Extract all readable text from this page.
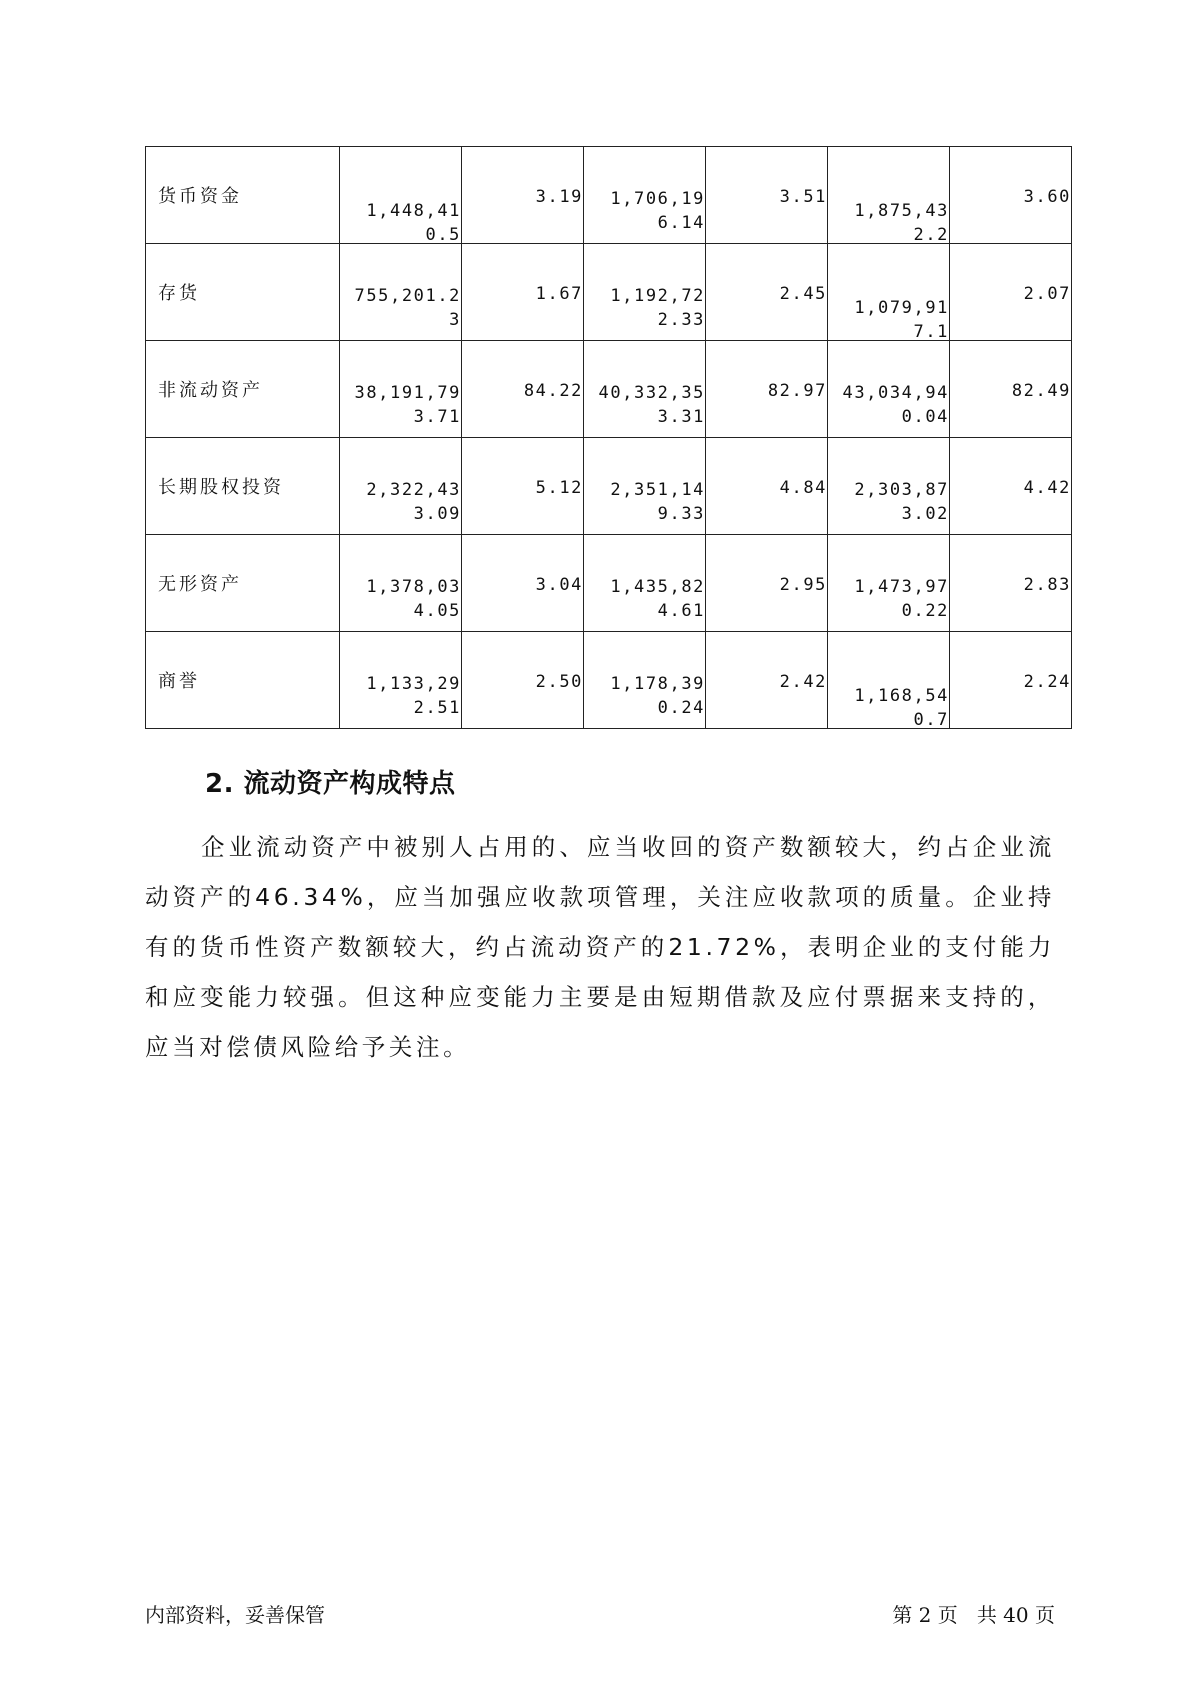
货币资金	1,448,410.5	3.19	1,706,196.14	3.51	1,875,432.2	3.60

存货	755,201.23	1.67	1,192,722.33	2.45	1,079,917.1	2.07

非流动资产	38,191,793.71	84.22	40,332,353.31	82.97	43,034,940.04	82.49

长期股权投资	2,322,433.09	5.12	2,351,149.33	4.84	2,303,873.02	4.42

无形资产	1,378,034.05	3.04	1,435,824.61	2.95	1,473,970.22	2.83

商誉	1,133,292.51	2.50	1,178,390.24	2.42	1,168,540.7	2.24
2. 流动资产构成特点

企业流动资产中被别人占用的、应当收回的资产数额较大，约占企业流动资产的46.34%，应当加强应收款项管理，关注应收款项的质量。企业持有的货币性资产数额较大，约占流动资产的21.72%，表明企业的支付能力和应变能力较强。但这种应变能力主要是由短期借款及应付票据来支持的，应当对偿债风险给予关注。

内部资料，妥善保管	第 2 页   共 40 页
